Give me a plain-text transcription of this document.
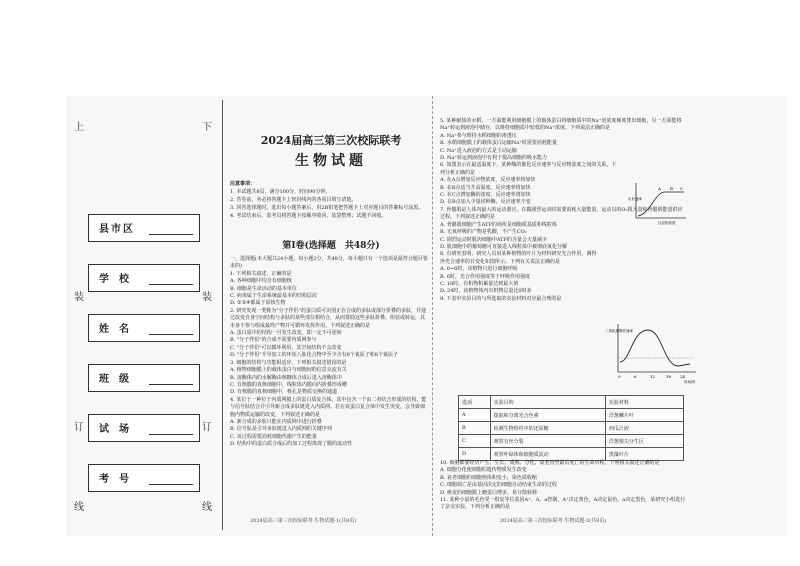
上	下
装	装
订	订
线	线
县市区
学校
姓名
班级
试场
考号
2024届高三第三次校际联考
生物试题
注意事项：
1. 本试题共8页，满分100分，时间90分钟。
2. 答卷前，务必将答题卡上密封线内的各项目填写清楚。
3. 回答选择题时，选出每小题答案后，用2B铅笔把答题卡上对应题目的答案标号涂黑。
4. 考试结束后，监考员将答题卡按顺序收回，装袋整理；试题不回收。
第Ⅰ卷(选择题　共48分)
一、选择题(本大题共24小题，每小题2分，共48分，每小题只有一个选项是最符合题目要求的)
1. 下列相关叙述，正确的是
A. 各种细胞中均含有细胞核
B. 细胞是生命活动的基本单位
C. 病毒属于生命系统最基本的结构层次
D. ①③④都属于原核生物
2. 研究发现一类称为"分子伴侣"的蛋白质可识别正在合成的多肽或部分折叠的多肽，并通过改变自身空间结构与多肽的某些部位相结合，从而帮助这些多肽折叠、组装或转运，其本身不参与组成最终产物并可循环发挥作用。下列叙述正确的是
A. 蛋白质中的结构一旦发生改变，即一定不可逆转
B. "分子伴侣"的合成不需要内质网参与
C. "分子伴侣"可以循环利用，其空间结构不会改变
D. "分子伴侣"介导加工的环状八肽化合物中至少含有8个氧原子和8个氮原子
3. 细胞的结构与功能相适应，下列相关叙述错误的是
A. 植物细胞膜上的载体蛋白与细胞间的信息交流有关
B. 溶酶体内的水解酶由核糖体合成后进入溶酶体中
C. 有核膜的真核细胞中，线粒体内膜向内折叠形成嵴
D. 有核膜的真核细胞中，核孔是物质交换的通道
4. 某位于一种位于内质网膜上的蛋白质复合体，其中包含一个由二者结合形成的结构，能与信号肽结合并引导新合成多肽链进入内质网。若在该蛋白复合体中发生突变，会导致细胞内物质运输的改变，下列叙述正确的是
A. 新合成的多肽只能在内质网中进行折叠
B. 信号肽是引导多肽链进入内质网的关键序列
C. 该过程需要消耗细胞代谢产生的能量
D. 结构中的蛋白质合成后的加工过程体现了膜的流动性
5. 某种耐盐的水稻，一方面能利用细胞膜上的载体蛋白将细胞质中的Na⁺逆浓度梯度排出细胞，另一方面能将Na⁺转运到液泡中储存，以维持细胞质中较低的Na⁺浓度。下列说法正确的是
A. Na⁺参与维持水稻细胞的渗透压
B. 水稻细胞膜上的载体蛋白运输Na⁺时需要消耗能量
C. Na⁺进入液泡的方式是主动运输
D. Na⁺转运到液泡中有利于提高细胞的吸水能力
6. 如图表示在最适温度下，某种酶的催化反应速率与反应物浓度之间的关系。下列分析正确的是
A. 在A点增加反应物浓度，反应速率将加快
B. 在B点适当升高温度，反应速率将加快
C. 在C点增加酶的浓度，反应速率将加快
D. 在B点加入少量同种酶，反应速率不变
7. 骨骼肌是人体内最大的运动器官，在做剧烈运动时需要消耗大量能量，运动员的O₂摄入量和骨骼肌能量供应过程，下列叙述正确的是
A. 骨骼肌细胞产生ATP的场所是细胞质基质和线粒体
B. 无氧呼吸的产物是乳酸，不产生CO₂
C. 剧烈运动时肌肉细胞中ATP的含量会大量减少
D. 肌细胞中的葡萄糖可直接进入线粒体中被彻底氧化分解
8. 有研究表明，研究人员用某种植物的叶片为材料研究光合作用，测得净光合速率的日变化如图所示。下列有关说法正确的是
A. 0~6时，该植物只进行细胞呼吸
B. 6时，光合作用强度等于呼吸作用强度
C. 18时，有机物积累量达到最大值
D. 24时，该植物体内有机物总量比0时多
9. 下表中实验目的与所选取的实验材料对应最合理的是
A B C
反应速率
反应物浓度
二氧化碳吸收速率
0	6	12	18 24
时间/时
选项	实验目的	实验材料
A	提取和分离光合色素	洋葱鳞片叶
B	检测生物组织中的还原糖	西瓜汁液
C	观察有丝分裂	洋葱根尖分生区
D	观察叶绿体和细胞质流动	黑藻叶片
10. 细胞都要经历产生、生长、成熟、分化、衰老直至最后死亡的生命历程。下列相关叙述正确的是
A. 细胞分化使细胞的遗传物质发生改变
B. 衰老细胞的细胞核体积变小，染色质收缩
C. 细胞凋亡是由基因决定的细胞自动结束生命的过程
D. 癌变的细胞膜上糖蛋白增多，易分散转移
11. 某种小鼠的毛色受一组复等位基因A⁺、A、a控制，A⁺决定黄色，A决定鼠色，a决定黑色，某研究小组进行了杂交实验，下列分析正确的是
2024届高三第三次校际联考·生物试题-1(共8页)	2024届高三第三次校际联考·生物试题-2(共8页)
